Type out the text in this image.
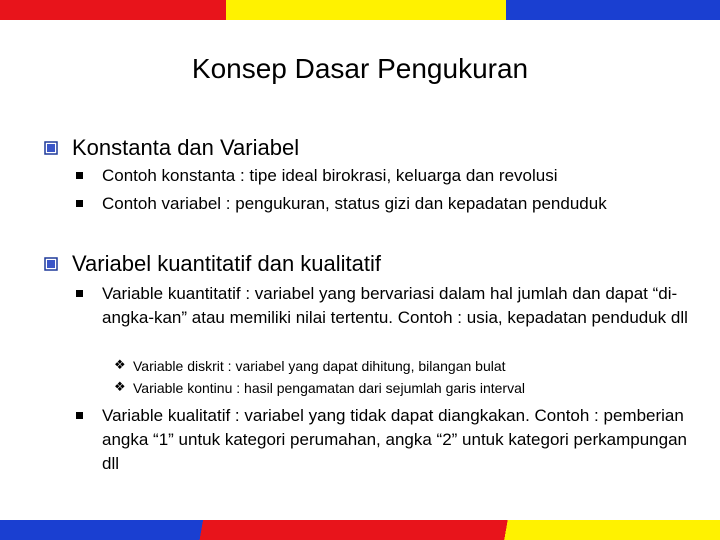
Konsep Dasar Pengukuran
Konstanta dan Variabel
Contoh konstanta : tipe ideal birokrasi, keluarga dan revolusi
Contoh variabel : pengukuran, status gizi dan kepadatan penduduk
Variabel kuantitatif dan kualitatif
Variable kuantitatif : variabel yang bervariasi dalam hal jumlah dan dapat “di-angka-kan” atau memiliki nilai tertentu. Contoh : usia, kepadatan penduduk dll
❖ Variable diskrit : variabel yang dapat dihitung, bilangan bulat
❖ Variable kontinu : hasil pengamatan dari sejumlah garis interval
Variable kualitatif : variabel yang tidak dapat diangkakan. Contoh : pemberian angka “1” untuk kategori perumahan, angka “2” untuk kategori perkampungan dll
